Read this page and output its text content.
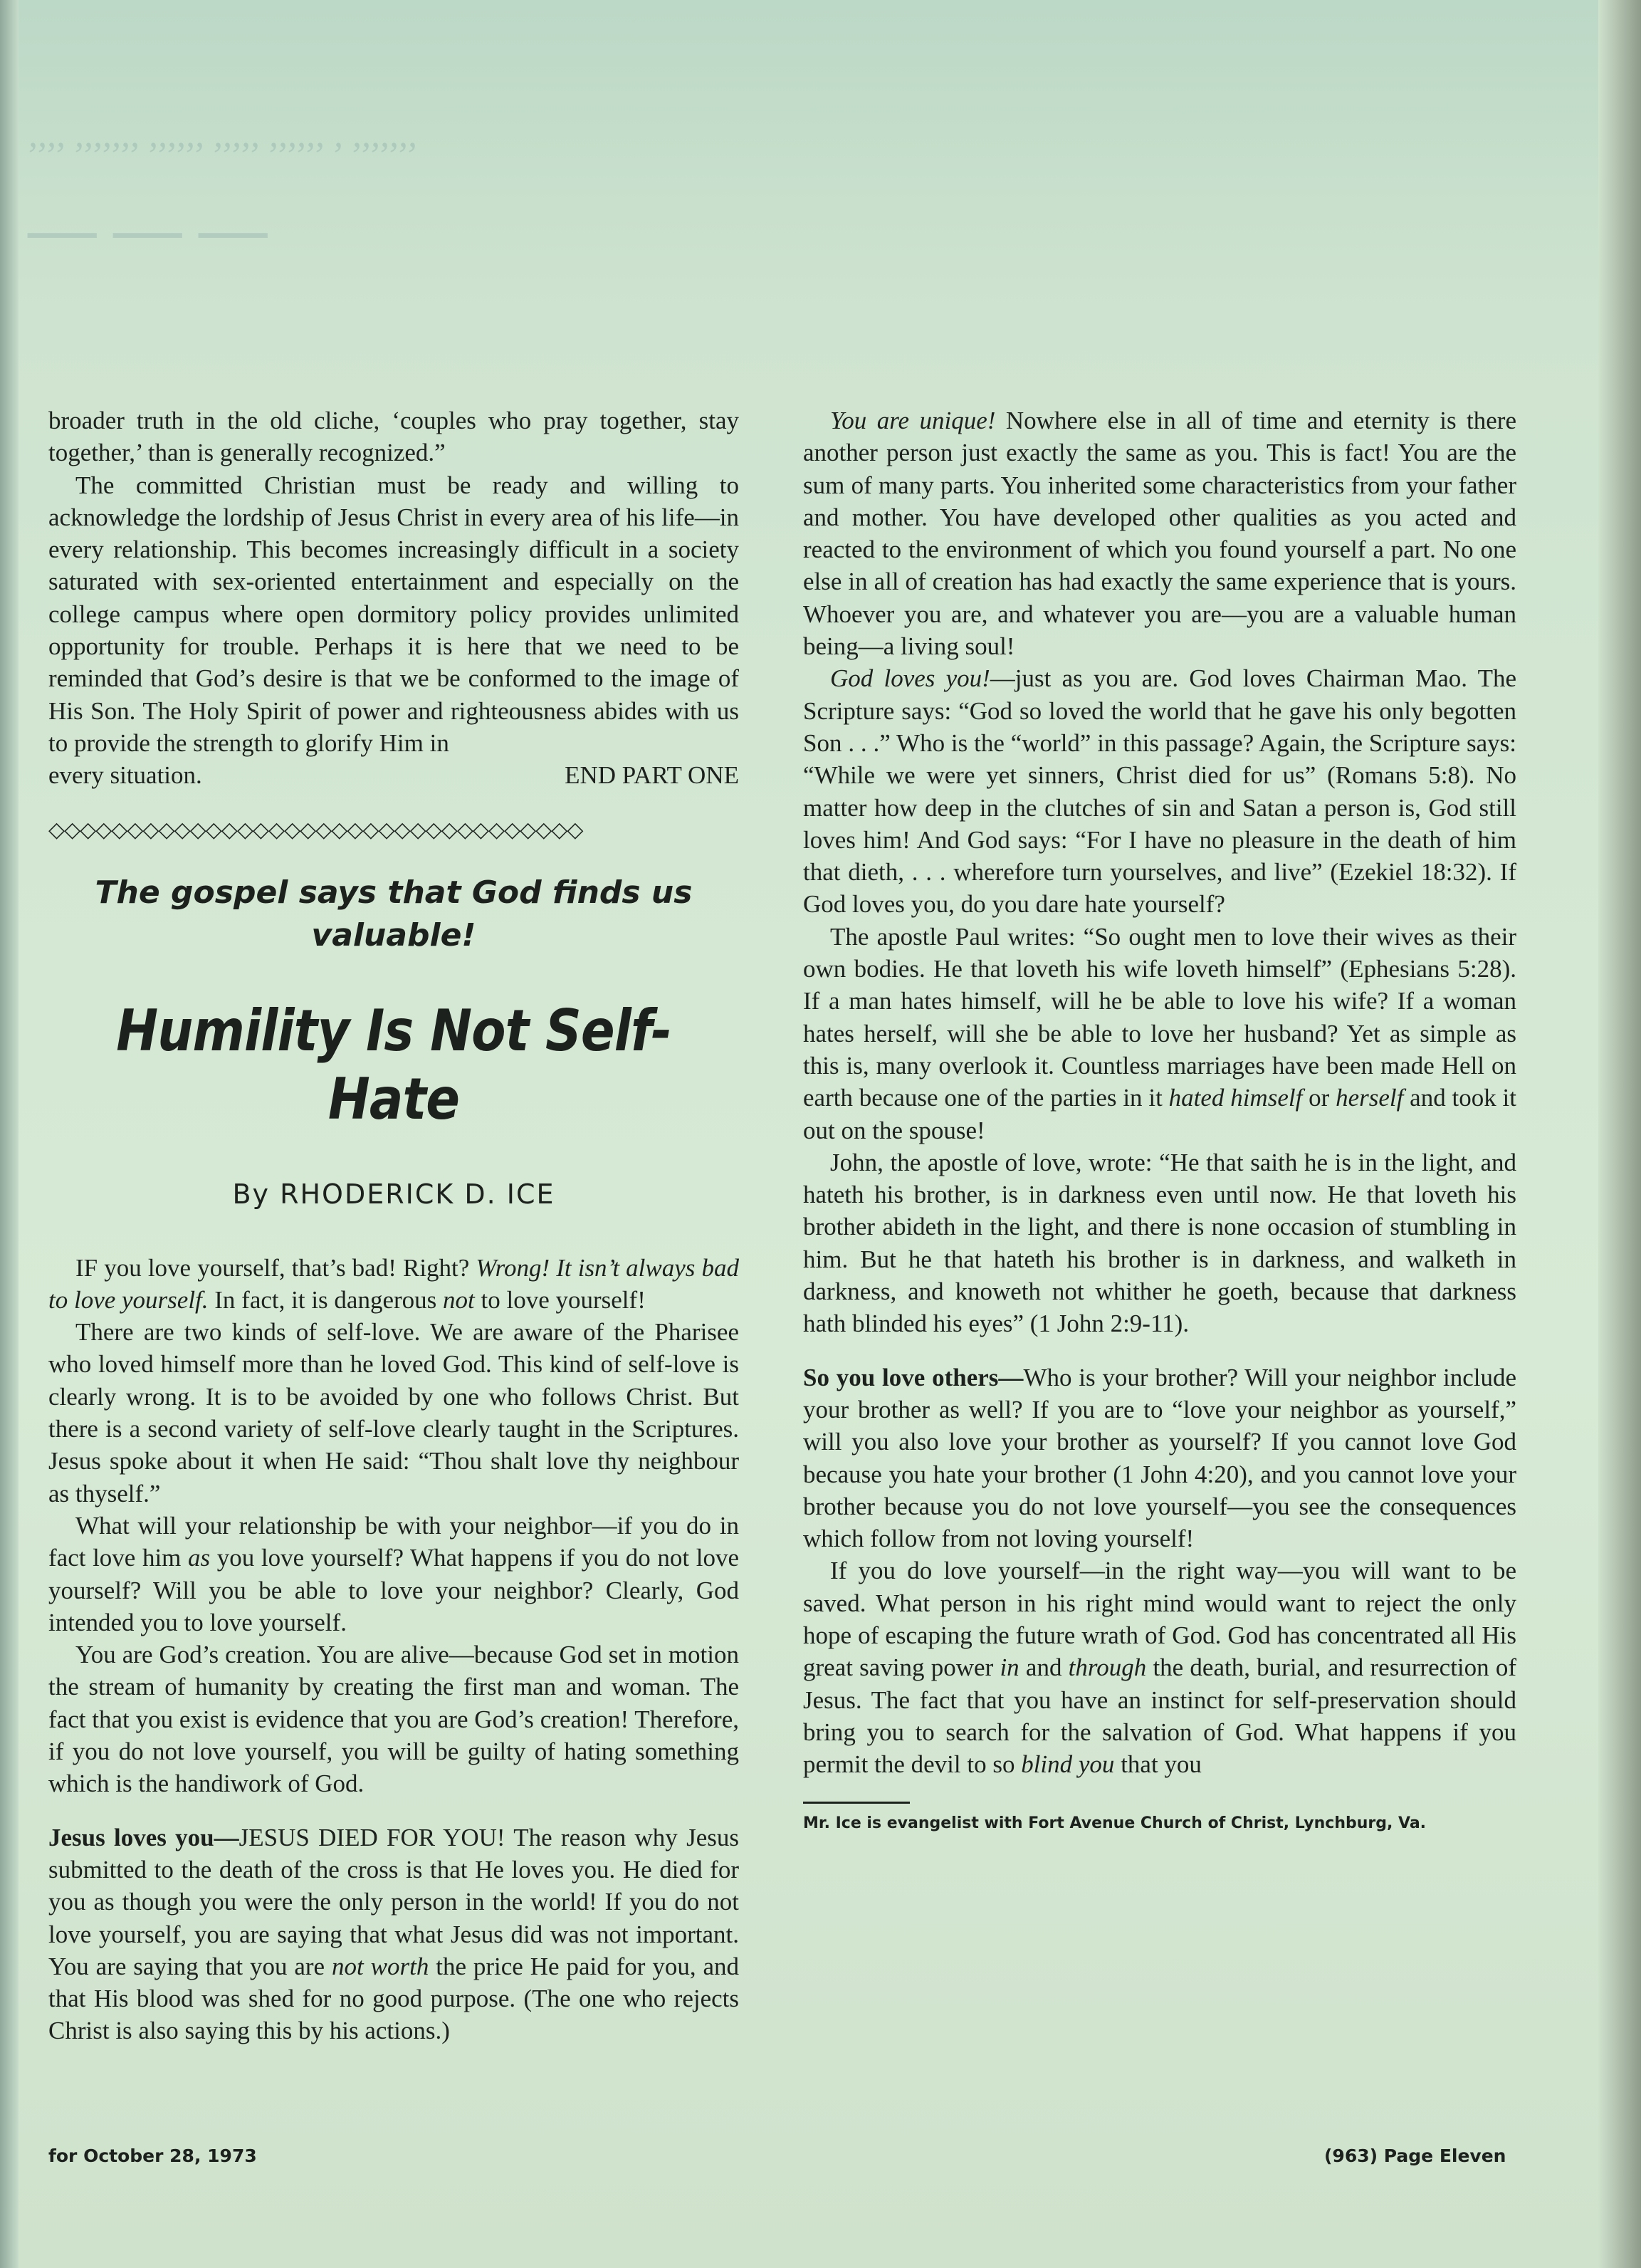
,,,, ,,,,,,, ,,,,,, ,,,,, ,,,,,, , ,,,,,,,
— — —

broader truth in the old cliche, ‘couples who pray together, stay together,’ than is generally recognized.”

The committed Christian must be ready and willing to acknowledge the lordship of Jesus Christ in every area of his life—in every relationship. This becomes increasingly difficult in a society saturated with sex-oriented entertainment and especially on the college campus where open dormitory policy provides unlimited opportunity for trouble. Perhaps it is here that we need to be reminded that God’s desire is that we be conformed to the image of His Son. The Holy Spirit of power and righteousness abides with us to provide the strength to glorify Him in

every situation.	END PART ONE
◇◇◇◇◇◇◇◇◇◇◇◇◇◇◇◇◇◇◇◇◇◇◇◇◇◇◇◇◇◇◇◇◇◇
The gospel says that God finds us valuable!
Humility Is Not Self-Hate
By RHODERICK D. ICE

IF you love yourself, that’s bad! Right? Wrong! It isn’t always bad to love yourself. In fact, it is dangerous not to love yourself!

There are two kinds of self-love. We are aware of the Pharisee who loved himself more than he loved God. This kind of self-love is clearly wrong. It is to be avoided by one who follows Christ. But there is a second variety of self-love clearly taught in the Scriptures. Jesus spoke about it when He said: “Thou shalt love thy neighbour as thyself.”

What will your relationship be with your neighbor—if you do in fact love him as you love yourself? What happens if you do not love yourself? Will you be able to love your neighbor? Clearly, God intended you to love yourself.

You are God’s creation. You are alive—because God set in motion the stream of humanity by creating the first man and woman. The fact that you exist is evidence that you are God’s creation! Therefore, if you do not love yourself, you will be guilty of hating something which is the handiwork of God.

Jesus loves you—JESUS DIED FOR YOU! The reason why Jesus submitted to the death of the cross is that He loves you. He died for you as though you were the only person in the world! If you do not love yourself, you are saying that what Jesus did was not important. You are saying that you are not worth the price He paid for you, and that His blood was shed for no good purpose. (The one who rejects Christ is also saying this by his actions.)

You are unique! Nowhere else in all of time and eternity is there another person just exactly the same as you. This is fact! You are the sum of many parts. You inherited some characteristics from your father and mother. You have developed other qualities as you acted and reacted to the environment of which you found yourself a part. No one else in all of creation has had exactly the same experience that is yours. Whoever you are, and whatever you are—you are a valuable human being—a living soul!

God loves you!—just as you are. God loves Chairman Mao. The Scripture says: “God so loved the world that he gave his only begotten Son . . .” Who is the “world” in this passage? Again, the Scripture says: “While we were yet sinners, Christ died for us” (Romans 5:8). No matter how deep in the clutches of sin and Satan a person is, God still loves him! And God says: “For I have no pleasure in the death of him that dieth, . . . wherefore turn yourselves, and live” (Ezekiel 18:32). If God loves you, do you dare hate yourself?

The apostle Paul writes: “So ought men to love their wives as their own bodies. He that loveth his wife loveth himself” (Ephesians 5:28). If a man hates himself, will he be able to love his wife? If a woman hates herself, will she be able to love her husband? Yet as simple as this is, many overlook it. Countless marriages have been made Hell on earth because one of the parties in it hated himself or herself and took it out on the spouse!

John, the apostle of love, wrote: “He that saith he is in the light, and hateth his brother, is in darkness even until now. He that loveth his brother abideth in the light, and there is none occasion of stumbling in him. But he that hateth his brother is in darkness, and walketh in darkness, and knoweth not whither he goeth, because that darkness hath blinded his eyes” (1 John 2:9-11).

So you love others—Who is your brother? Will your neighbor include your brother as well? If you are to “love your neighbor as yourself,” will you also love your brother as yourself? If you cannot love God because you hate your brother (1 John 4:20), and you cannot love your brother because you do not love yourself—you see the consequences which follow from not loving yourself!

If you do love yourself—in the right way—you will want to be saved. What person in his right mind would want to reject the only hope of escaping the future wrath of God. God has concentrated all His great saving power in and through the death, burial, and resurrection of Jesus. The fact that you have an instinct for self-preservation should bring you to search for the salvation of God. What happens if you permit the devil to so blind you that you

Mr. Ice is evangelist with Fort Avenue Church of Christ, Lynchburg, Va.
for October 28, 1973	(963) Page Eleven
